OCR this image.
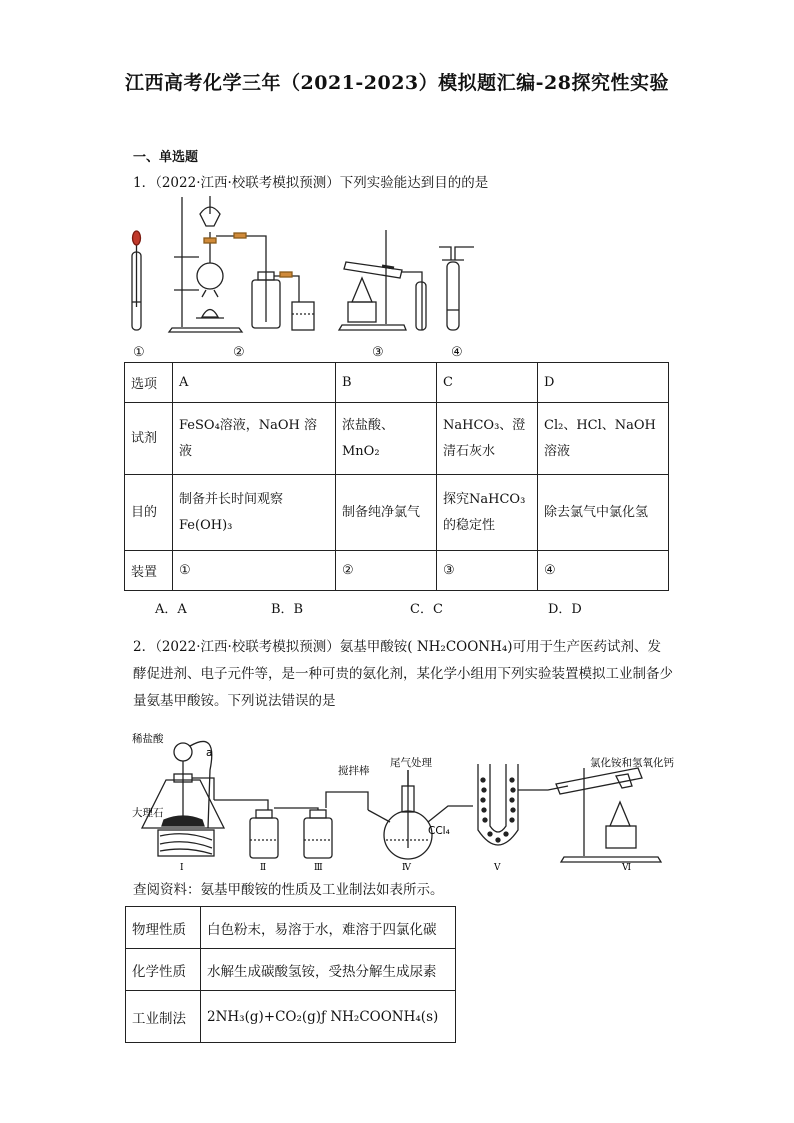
江西高考化学三年（2021-2023）模拟题汇编-28探究性实验
一、单选题
1．（2022·江西·校联考模拟预测）下列实验能达到目的的是
①	②	③	④
选项	A	B	C	D
试剂	FeSO₄溶液，NaOH 溶液	浓盐酸、MnO₂	NaHCO₃、澄清石灰水	Cl₂、HCl、NaOH 溶液
目的	制备并长时间观察Fe(OH)₃	制备纯净氯气	探究NaHCO₃的稳定性	除去氯气中氯化氢
装置	①	②	③	④
A．A	B．B	C．C	D．D
2．（2022·江西·校联考模拟预测）氨基甲酸铵( NH₂COONH₄)可用于生产医药试剂、发酵促进剂、电子元件等，是一种可贵的氨化剂，某化学小组用下列实验装置模拟工业制备少量氨基甲酸铵。下列说法错误的是
稀盐酸
a
大理石
搅拌棒
尾气处理
CCl₄
氯化铵和氢氧化钙
Ⅰ	Ⅱ	Ⅲ	Ⅳ	Ⅴ	Ⅵ
查阅资料：氨基甲酸铵的性质及工业制法如表所示。
物理性质	白色粉末，易溶于水，难溶于四氯化碳
化学性质	水解生成碳酸氢铵，受热分解生成尿素
工业制法	2NH₃(g)+CO₂(g)ƒ NH₂COONH₄(s)
